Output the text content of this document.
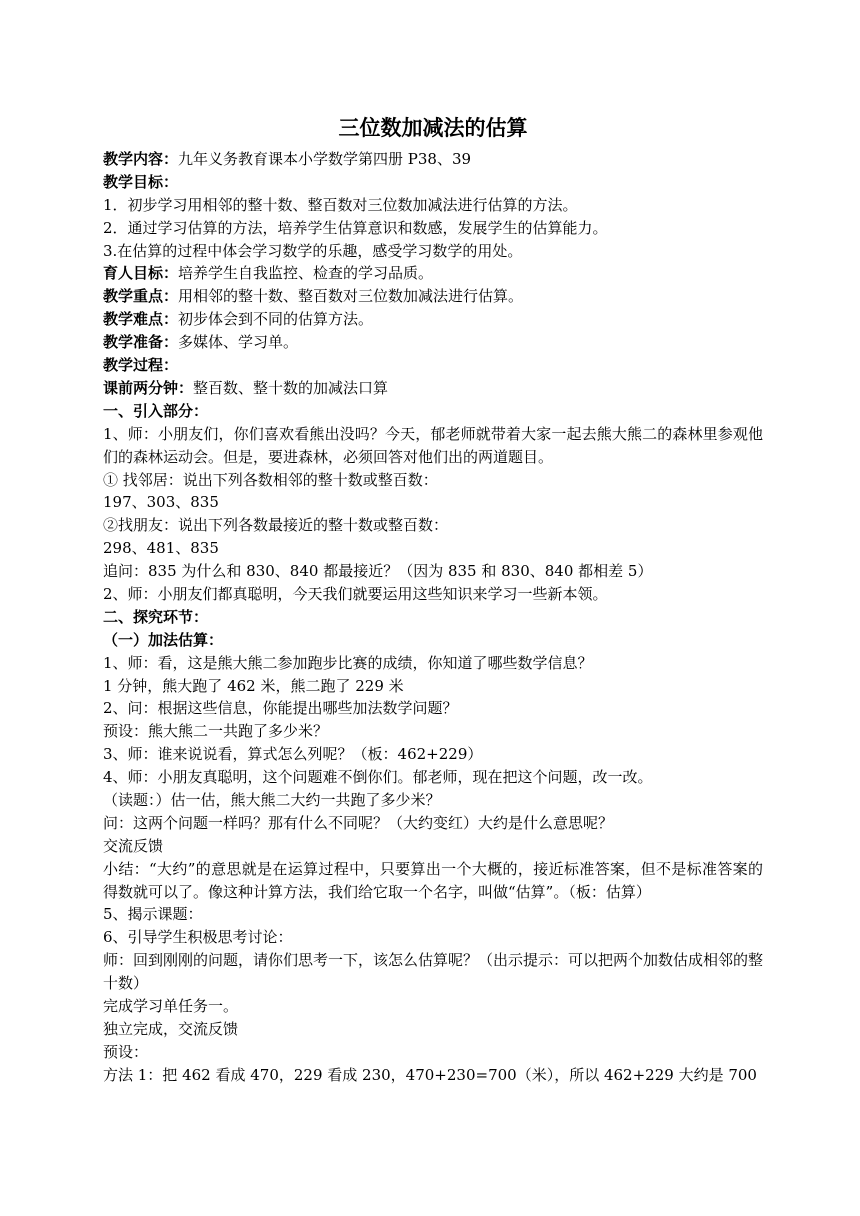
三位数加减法的估算
教学内容：九年义务教育课本小学数学第四册 P38、39
教学目标：
1．初步学习用相邻的整十数、整百数对三位数加减法进行估算的方法。
2．通过学习估算的方法，培养学生估算意识和数感，发展学生的估算能力。
3.在估算的过程中体会学习数学的乐趣，感受学习数学的用处。
育人目标：培养学生自我监控、检查的学习品质。
教学重点：用相邻的整十数、整百数对三位数加减法进行估算。
教学难点：初步体会到不同的估算方法。
教学准备：多媒体、学习单。
教学过程：
课前两分钟：整百数、整十数的加减法口算
一、引入部分：
1、师：小朋友们，你们喜欢看熊出没吗？今天，郁老师就带着大家一起去熊大熊二的森林里参观他们的森林运动会。但是，要进森林，必须回答对他们出的两道题目。
① 找邻居：说出下列各数相邻的整十数或整百数：
197、303、835
②找朋友：说出下列各数最接近的整十数或整百数：
298、481、835
追问：835 为什么和 830、840 都最接近？（因为 835 和 830、840 都相差 5）
2、师：小朋友们都真聪明，今天我们就要运用这些知识来学习一些新本领。
二、探究环节：
（一）加法估算：
1、师：看，这是熊大熊二参加跑步比赛的成绩，你知道了哪些数学信息？
1 分钟，熊大跑了 462 米，熊二跑了 229 米
2、问：根据这些信息，你能提出哪些加法数学问题？
预设：熊大熊二一共跑了多少米？
3、师：谁来说说看，算式怎么列呢？（板：462+229）
4、师：小朋友真聪明，这个问题难不倒你们。郁老师，现在把这个问题，改一改。
（读题：）估一估，熊大熊二大约一共跑了多少米？
问：这两个问题一样吗？那有什么不同呢？（大约变红）大约是什么意思呢？
交流反馈
小结：“大约”的意思就是在运算过程中，只要算出一个大概的，接近标准答案，但不是标准答案的得数就可以了。像这种计算方法，我们给它取一个名字，叫做“估算”。（板：估算）
5、揭示课题：
6、引导学生积极思考讨论：
师：回到刚刚的问题，请你们思考一下，该怎么估算呢？（出示提示：可以把两个加数估成相邻的整十数）
完成学习单任务一。
独立完成，交流反馈
预设：
方法 1：把 462 看成 470，229 看成 230，470+230=700（米），所以 462+229 大约是 700
